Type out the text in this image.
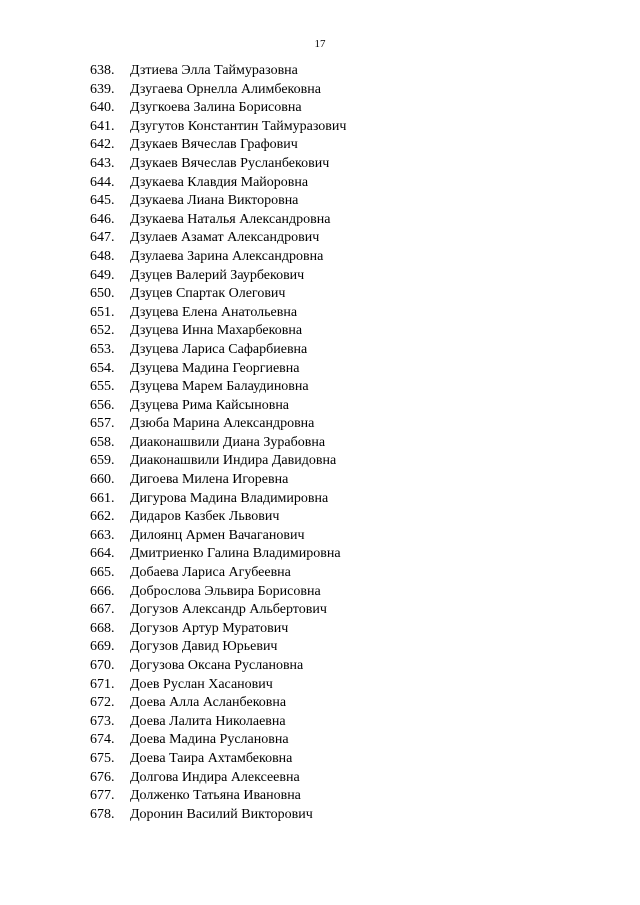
17
638. Дзтиева Элла Таймуразовна
639. Дзугаева Орнелла Алимбековна
640. Дзугкоева Залина Борисовна
641. Дзугутов Константин Таймуразович
642. Дзукаев Вячеслав Графович
643. Дзукаев Вячеслав Русланбекович
644. Дзукаева Клавдия Майоровна
645. Дзукаева Лиана Викторовна
646. Дзукаева Наталья Александровна
647. Дзулаев Азамат Александрович
648. Дзулаева Зарина Александровна
649. Дзуцев Валерий Заурбекович
650. Дзуцев Спартак Олегович
651. Дзуцева Елена Анатольевна
652. Дзуцева Инна Махарбековна
653. Дзуцева Лариса Сафарбиевна
654. Дзуцева Мадина Георгиевна
655. Дзуцева Марем Балаудиновна
656. Дзуцева Рима Кайсыновна
657. Дзюба Марина Александровна
658. Диаконашвили Диана Зурабовна
659. Диаконашвили Индира Давидовна
660. Дигоева Милена Игоревна
661. Дигурова Мадина Владимировна
662. Дидаров Казбек Львович
663. Дилоянц Армен Вачаганович
664. Дмитриенко Галина Владимировна
665. Добаева Лариса Агубеевна
666. Доброслова Эльвира Борисовна
667. Догузов Александр Альбертович
668. Догузов Артур Муратович
669. Догузов Давид Юрьевич
670. Догузова Оксана Руслановна
671. Доев Руслан Хасанович
672. Доева Алла Асланбековна
673. Доева Лалита Николаевна
674. Доева Мадина Руслановна
675. Доева Таира Ахтамбековна
676. Долгова Индира Алексеевна
677. Долженко Татьяна Ивановна
678. Доронин Василий Викторович
